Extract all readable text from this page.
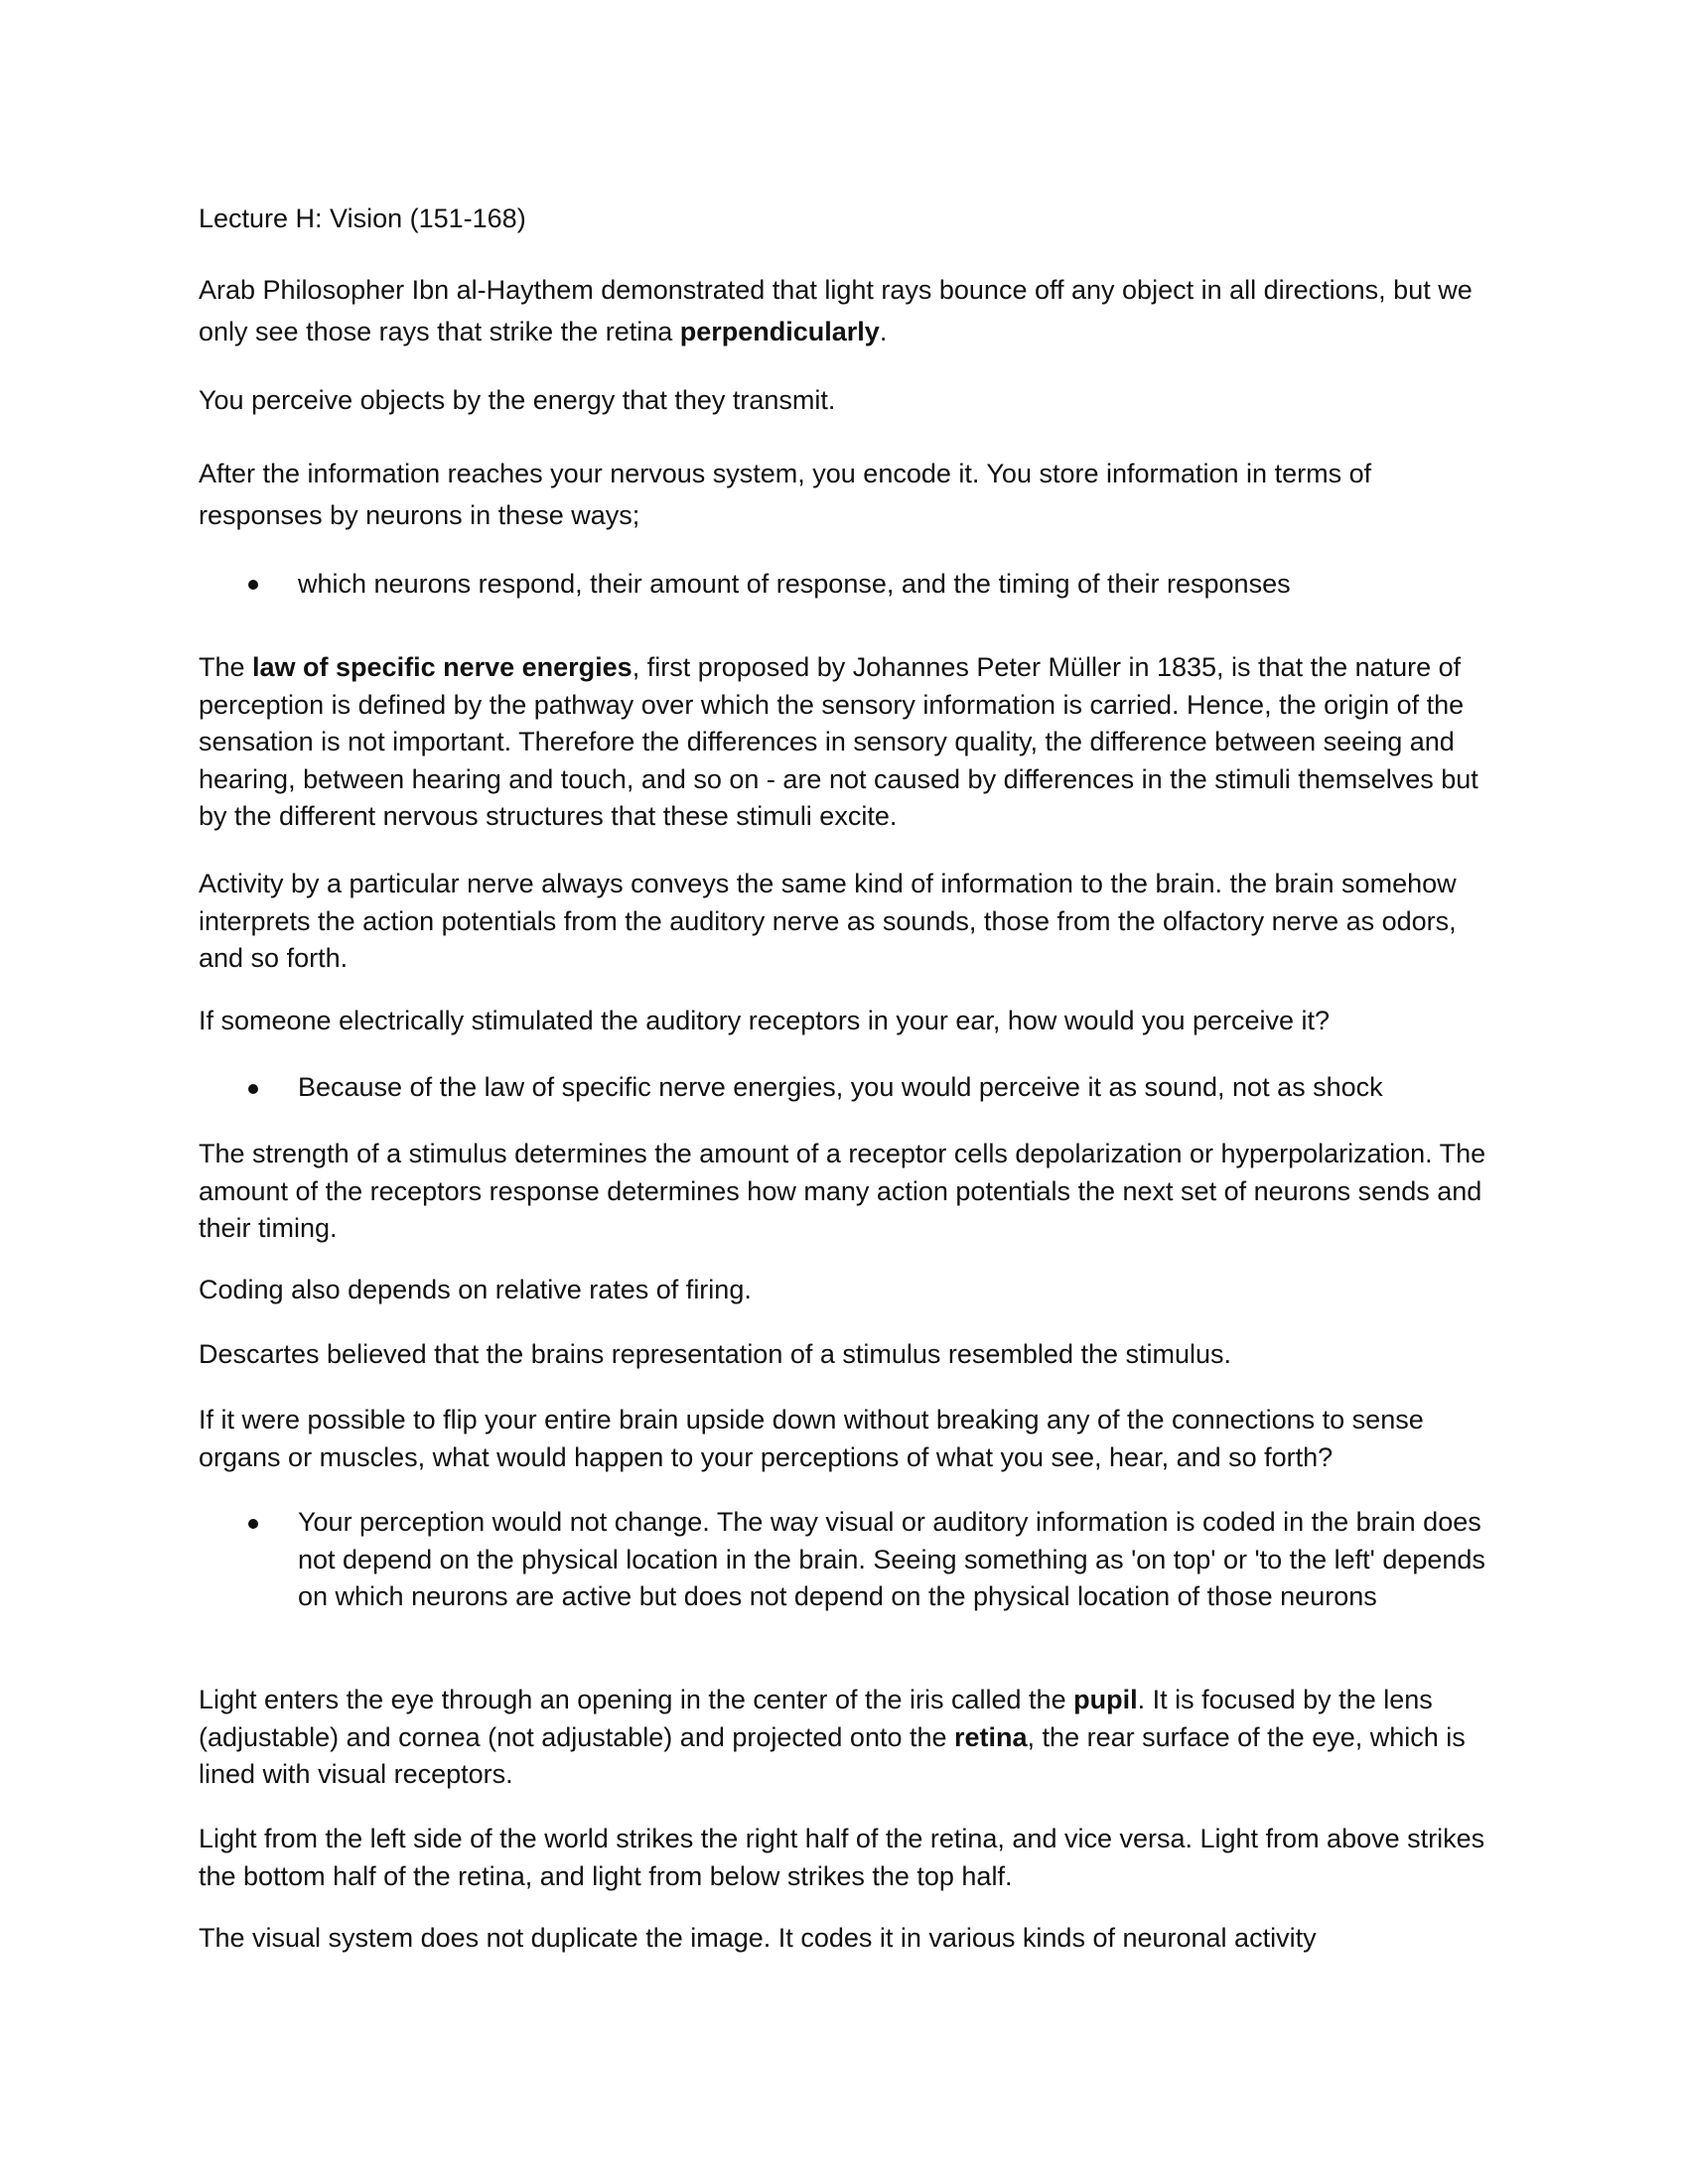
Lecture H: Vision (151-168)

Arab Philosopher Ibn al-Haythem demonstrated that light rays bounce off any object in all directions, but we only see those rays that strike the retina perpendicularly.

You perceive objects by the energy that they transmit.

After the information reaches your nervous system, you encode it. You store information in terms of responses by neurons in these ways;

which neurons respond, their amount of response, and the timing of their responses

The law of specific nerve energies, first proposed by Johannes Peter Müller in 1835, is that the nature of perception is defined by the pathway over which the sensory information is carried. Hence, the origin of the sensation is not important. Therefore the differences in sensory quality, the difference between seeing and hearing, between hearing and touch, and so on - are not caused by differences in the stimuli themselves but by the different nervous structures that these stimuli excite.

Activity by a particular nerve always conveys the same kind of information to the brain. the brain somehow interprets the action potentials from the auditory nerve as sounds, those from the olfactory nerve as odors, and so forth.

If someone electrically stimulated the auditory receptors in your ear, how would you perceive it?

Because of the law of specific nerve energies, you would perceive it as sound, not as shock

The strength of a stimulus determines the amount of a receptor cells depolarization or hyperpolarization. The amount of the receptors response determines how many action potentials the next set of neurons sends and their timing.

Coding also depends on relative rates of firing.

Descartes believed that the brains representation of a stimulus resembled the stimulus.

If it were possible to flip your entire brain upside down without breaking any of the connections to sense organs or muscles, what would happen to your perceptions of what you see, hear, and so forth?

Your perception would not change. The way visual or auditory information is coded in the brain does not depend on the physical location in the brain. Seeing something as 'on top' or 'to the left' depends on which neurons are active but does not depend on the physical location of those neurons

Light enters the eye through an opening in the center of the iris called the pupil. It is focused by the lens (adjustable) and cornea (not adjustable) and projected onto the retina, the rear surface of the eye, which is lined with visual receptors.

Light from the left side of the world strikes the right half of the retina, and vice versa. Light from above strikes the bottom half of the retina, and light from below strikes the top half.

The visual system does not duplicate the image. It codes it in various kinds of neuronal activity
